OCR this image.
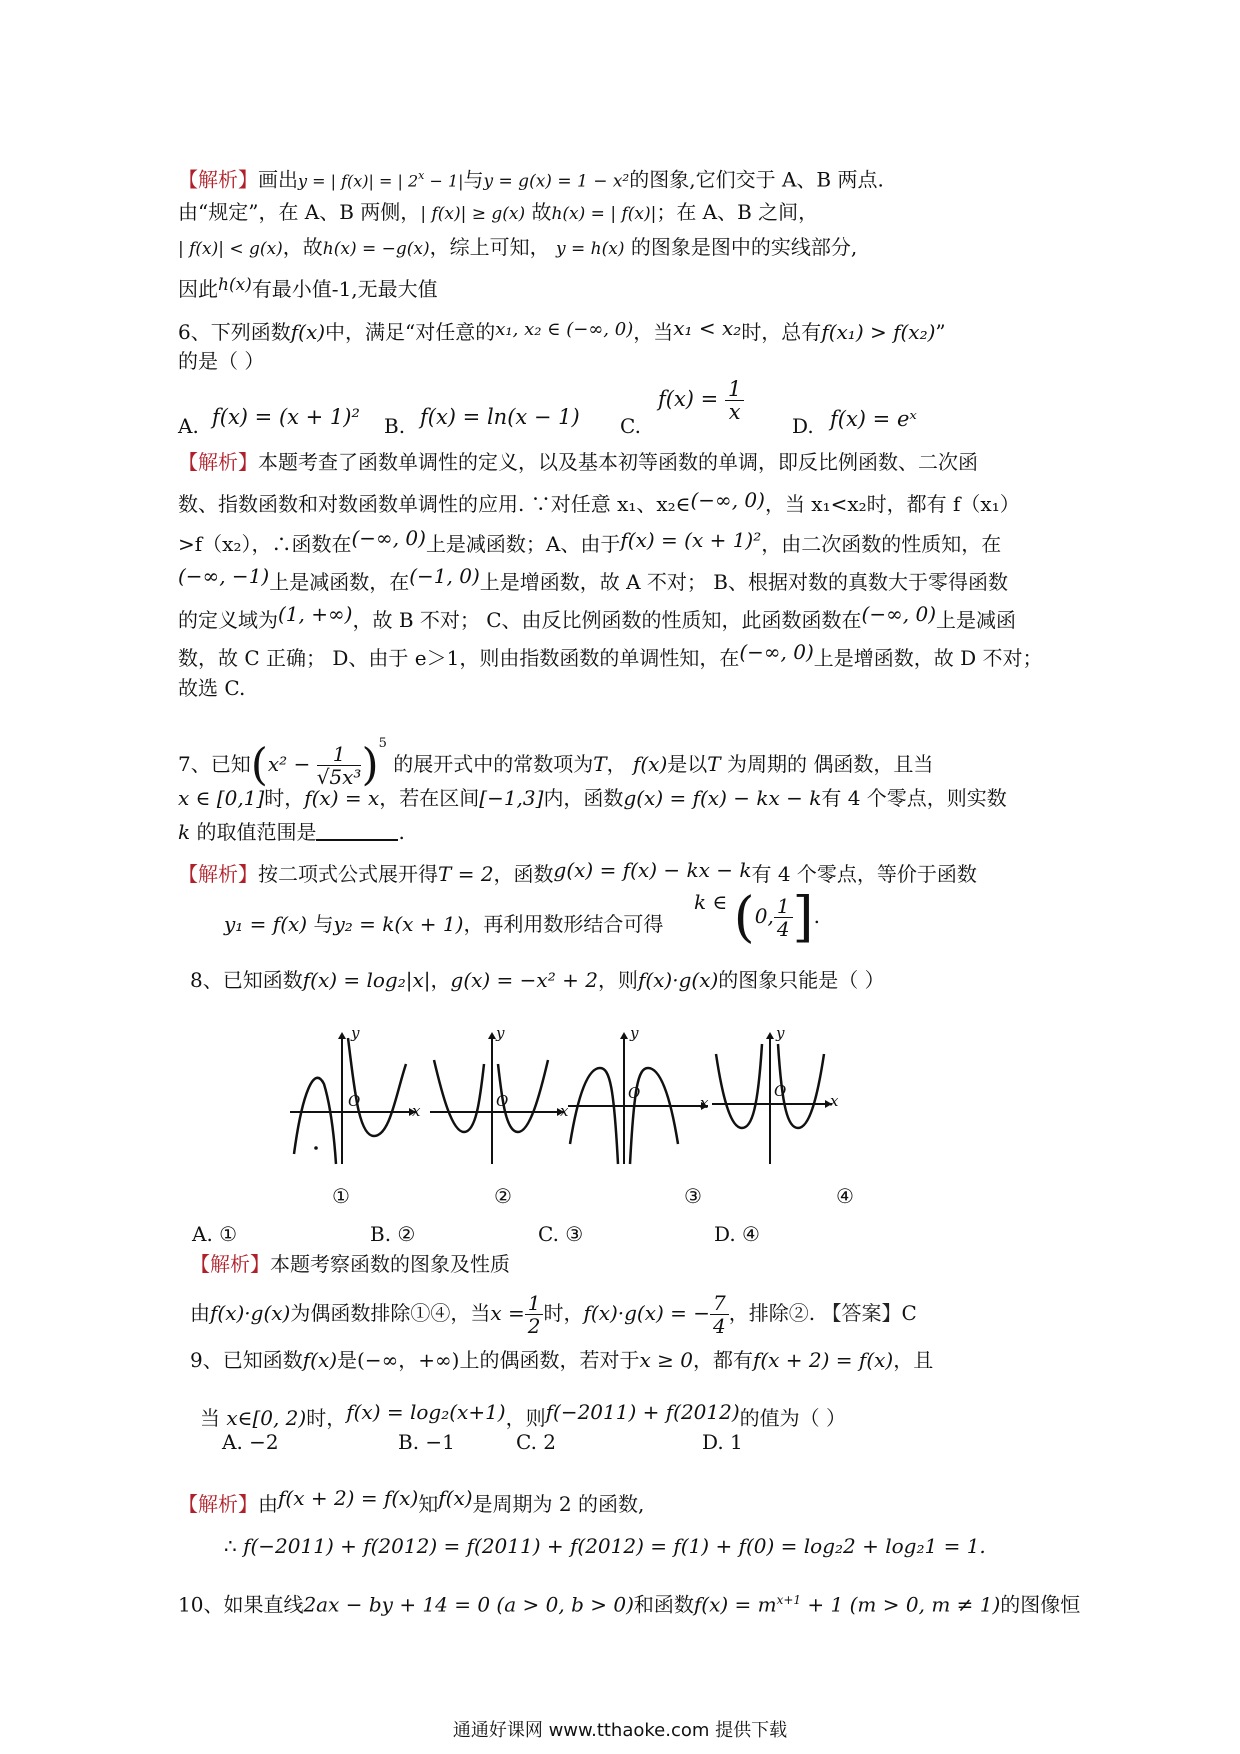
【解析】画出y = | f(x)| = | $2^x - 1|$与y = g(x) = 1 − x²的图象,它们交于 A、B 两点.
由“规定”，在 A、B 两侧，| f(x)| ≥ g(x) 故h(x) = | f(x)|；在 A、B 之间，
| f(x)| < g(x)，故h(x) = −g(x)，综上可知， y = h(x) 的图象是图中的实线部分,
因此$^{h(x)}$有最小值-1,无最大值
6、下列函数f(x)中，满足“对任意的x₁, x₂ ∈ (−∞, 0)，当x₁ < x₂时，总有f(x₁) > f(x₂)”
的是（ ）
A. f(x) = (x + 1)² B. f(x) = ln(x − 1) C.
$f(x) = \frac{1}{x}$
D. f(x) = eˣ
【解析】本题考查了函数单调性的定义，以及基本初等函数的单调，即反比例函数、二次函
数、指数函数和对数函数单调性的应用. ∵对任意 x₁、x₂∈(−∞, 0)，当 x₁<x₂时，都有 f（x₁）
>f（x₂），∴函数在(−∞, 0)上是减函数；A、由于f(x) = (x + 1)²，由二次函数的性质知，在
(−∞, −1)上是减函数，在(−1, 0)上是增函数，故 A 不对； B、根据对数的真数大于零得函数
的定义域为(1, +∞)，故 B 不对； C、由反比例函数的性质知，此函数函数在(−∞, 0)上是减函
数，故 C 正确； D、由于 e＞1，则由指数函数的单调性知，在(−∞, 0)上是增函数，故 D 不对；
故选 C.
7、已知$(x^2 - \frac{1}{\text{√5x³}} )^5$ 的展开式中的常数项为T， f(x)是以T 为周期的 偶函数，且当
x ∈ [0,1]时，f(x) = x，若在区间[−1,3]内，函数g(x) = f(x) − kx − k有 4 个零点，则实数
k 的取值范围是	.
【解析】按二项式公式展开得T = 2，函数g(x) = f(x) − kx − k有 4 个零点，等价于函数
y₁ = f(x) 与y₂ = k(x + 1)，再利用数形结合可得
k ∈ (0, $\frac{1}{4}$ ].
8、已知函数f(x) = log₂|x|，g(x) = −x² + 2，则f(x)·g(x)的图象只能是（ ）
y
x
O
y
x
O
y
x
O
y
x
O
①	②	③	④
A. ①	B. ②	C. ③	D. ④
【解析】本题考察函数的图象及性质
由f(x)·g(x)为偶函数排除①④，当$x = \frac{1}{2}$ 时，f(x)·g(x) = − $\frac{7}{4}$ ，排除②. 【答案】C
9、已知函数f(x)是(−∞，+∞)上的偶函数，若对于x ≥ 0，都有f(x + 2) = f(x)，且
当 x∈[0, 2)时，f(x) = log₂(x+1)，则f(−2011) + f(2012)的值为（ ）
A. −2	B. −1	C. 2	D. 1
【解析】由f(x + 2) = f(x)知f(x)是周期为 2 的函数,
∴ f(−2011) + f(2012) = f(2011) + f(2012) = f(1) + f(0) = log₂2 + log₂1 = 1.
10、如果直线2ax − by + 14 = 0 (a > 0, b > 0)和函数$f(x) = m^{x+1} + 1$ (m > 0, m ≠ 1)的图像恒
通通好课网 www.tthaoke.com 提供下载
